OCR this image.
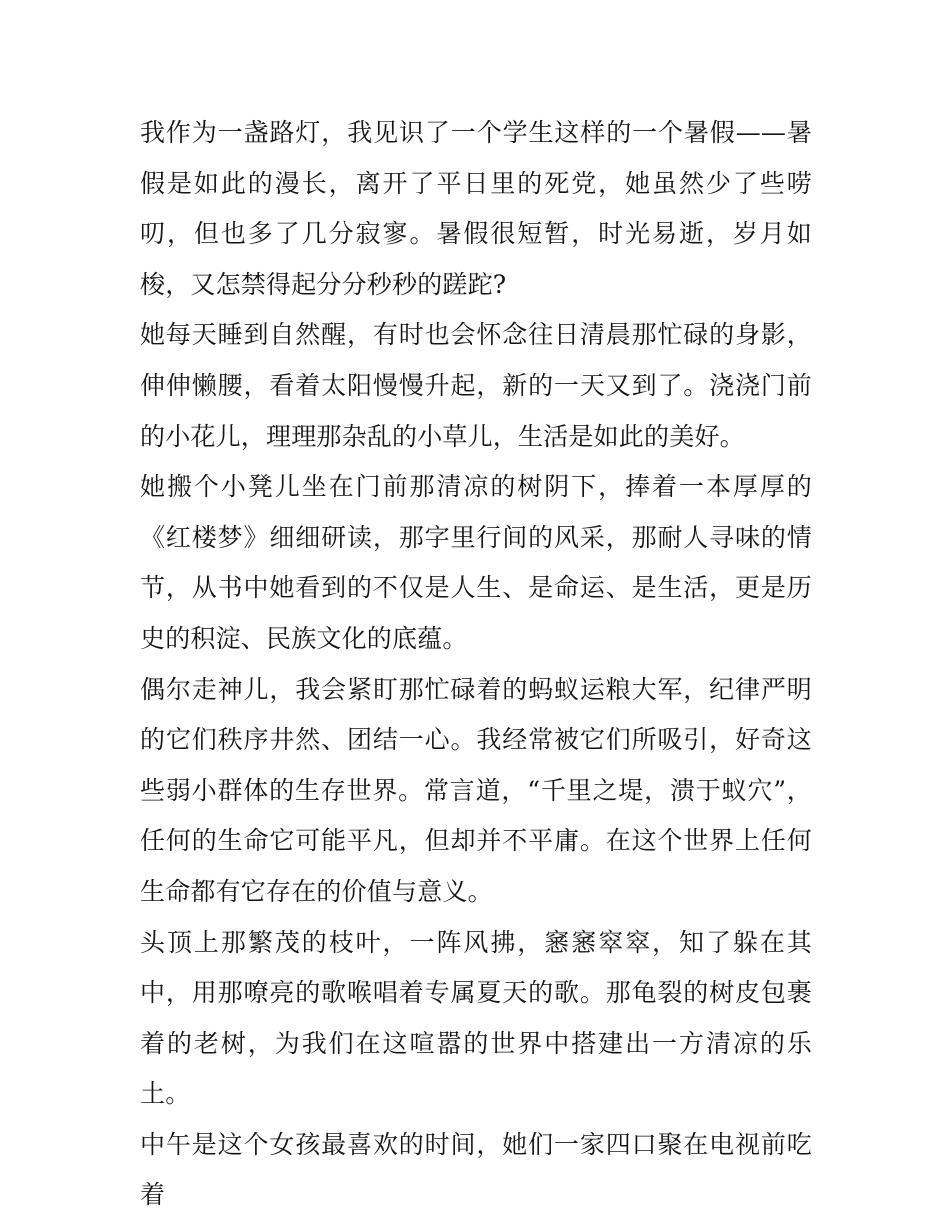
我作为一盏路灯，我见识了一个学生这样的一个暑假——暑假是如此的漫长，离开了平日里的死党，她虽然少了些唠叨，但也多了几分寂寥。暑假很短暂，时光易逝，岁月如梭，又怎禁得起分分秒秒的蹉跎?

她每天睡到自然醒，有时也会怀念往日清晨那忙碌的身影，伸伸懒腰，看着太阳慢慢升起，新的一天又到了。浇浇门前的小花儿，理理那杂乱的小草儿，生活是如此的美好。

她搬个小凳儿坐在门前那清凉的树阴下，捧着一本厚厚的《红楼梦》细细研读，那字里行间的风采，那耐人寻味的情节，从书中她看到的不仅是人生、是命运、是生活，更是历史的积淀、民族文化的底蕴。

偶尔走神儿，我会紧盯那忙碌着的蚂蚁运粮大军，纪律严明的它们秩序井然、团结一心。我经常被它们所吸引，好奇这些弱小群体的生存世界。常言道，“千里之堤，溃于蚁穴”，任何的生命它可能平凡，但却并不平庸。在这个世界上任何生命都有它存在的价值与意义。

头顶上那繁茂的枝叶，一阵风拂，窸窸窣窣，知了躲在其中，用那嘹亮的歌喉唱着专属夏天的歌。那龟裂的树皮包裹着的老树，为我们在这喧嚣的世界中搭建出一方清凉的乐土。

中午是这个女孩最喜欢的时间，她们一家四口聚在电视前吃着
